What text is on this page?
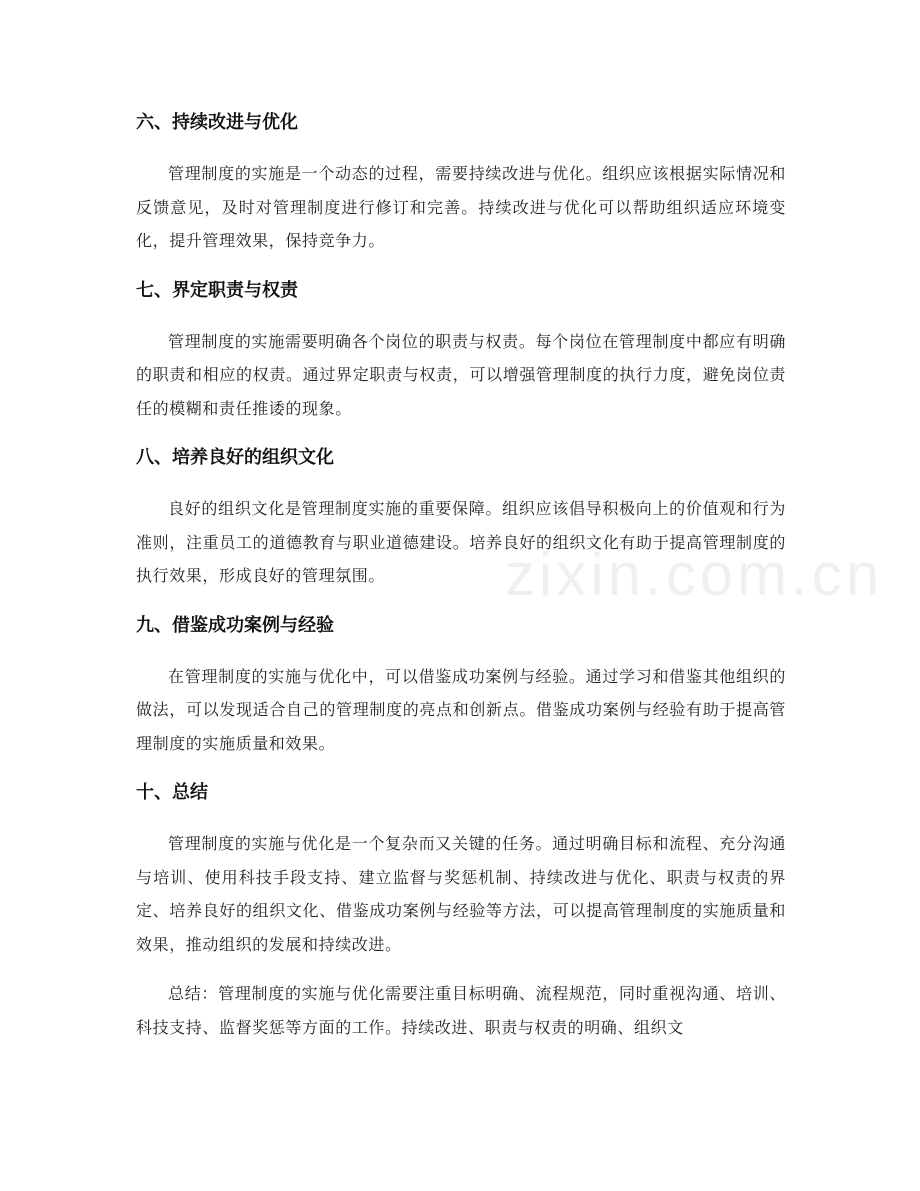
zixin.com.cn
六、持续改进与优化

管理制度的实施是一个动态的过程，需要持续改进与优化。组织应该根据实际情况和反馈意见，及时对管理制度进行修订和完善。持续改进与优化可以帮助组织适应环境变化，提升管理效果，保持竞争力。

七、界定职责与权责

管理制度的实施需要明确各个岗位的职责与权责。每个岗位在管理制度中都应有明确的职责和相应的权责。通过界定职责与权责，可以增强管理制度的执行力度，避免岗位责任的模糊和责任推诿的现象。

八、培养良好的组织文化

良好的组织文化是管理制度实施的重要保障。组织应该倡导积极向上的价值观和行为准则，注重员工的道德教育与职业道德建设。培养良好的组织文化有助于提高管理制度的执行效果，形成良好的管理氛围。

九、借鉴成功案例与经验

在管理制度的实施与优化中，可以借鉴成功案例与经验。通过学习和借鉴其他组织的做法，可以发现适合自己的管理制度的亮点和创新点。借鉴成功案例与经验有助于提高管理制度的实施质量和效果。

十、总结

管理制度的实施与优化是一个复杂而又关键的任务。通过明确目标和流程、充分沟通与培训、使用科技手段支持、建立监督与奖惩机制、持续改进与优化、职责与权责的界定、培养良好的组织文化、借鉴成功案例与经验等方法，可以提高管理制度的实施质量和效果，推动组织的发展和持续改进。

总结：管理制度的实施与优化需要注重目标明确、流程规范，同时重视沟通、培训、科技支持、监督奖惩等方面的工作。持续改进、职责与权责的明确、组织文
